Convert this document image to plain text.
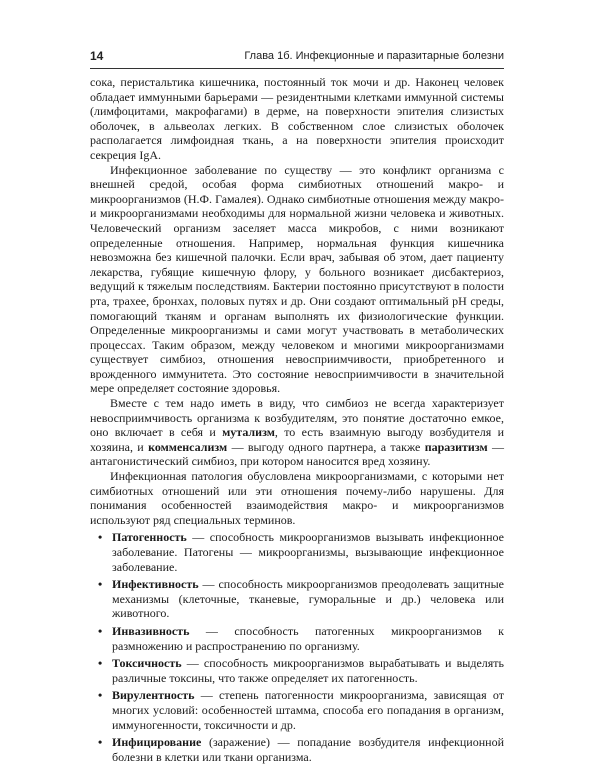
14	Глава 1б. Инфекционные и паразитарные болезни

сока, перистальтика кишечника, постоянный ток мочи и др. Наконец человек обладает иммунными барьерами — резидентными клетками иммунной системы (лимфоцитами, макрофагами) в дерме, на поверхности эпителия слизистых оболочек, в альвеолах легких. В собственном слое слизистых оболочек располагается лимфоидная ткань, а на поверхности эпителия происходит секреция IgA.

Инфекционное заболевание по существу — это конфликт организма с внешней средой, особая форма симбиотных отношений макро- и микроорганизмов (Н.Ф. Гамалея). Однако симбиотные отношения между макро- и микроорганизмами необходимы для нормальной жизни человека и животных. Человеческий организм заселяет масса микробов, с ними возникают определенные отношения. Например, нормальная функция кишечника невозможна без кишечной палочки. Если врач, забывая об этом, дает пациенту лекарства, губящие кишечную флору, у больного возникает дисбактериоз, ведущий к тяжелым последствиям. Бактерии постоянно присутствуют в полости рта, трахее, бронхах, половых путях и др. Они создают оптимальный pH среды, помогающий тканям и органам выполнять их физиологические функции. Определенные микроорганизмы и сами могут участвовать в метаболических процессах. Таким образом, между человеком и многими микроорганизмами существует симбиоз, отношения невосприимчивости, приобретенного и врожденного иммунитета. Это состояние невосприимчивости в значительной мере определяет состояние здоровья.

Вместе с тем надо иметь в виду, что симбиоз не всегда характеризует невосприимчивость организма к возбудителям, это понятие достаточно емкое, оно включает в себя и мутализм, то есть взаимную выгоду возбудителя и хозяина, и комменсализм — выгоду одного партнера, а также паразитизм — антагонистический симбиоз, при котором наносится вред хозяину.

Инфекционная патология обусловлена микроорганизмами, с которыми нет симбиотных отношений или эти отношения почему-либо нарушены. Для понимания особенностей взаимодействия макро- и микроорганизмов используют ряд специальных терминов.

• Патогенность — способность микроорганизмов вызывать инфекционное заболевание. Патогены — микроорганизмы, вызывающие инфекционное заболевание.
• Инфективность — способность микроорганизмов преодолевать защитные механизмы (клеточные, тканевые, гуморальные и др.) человека или животного.
• Инвазивность — способность патогенных микроорганизмов к размножению и распространению по организму.
• Токсичность — способность микроорганизмов вырабатывать и выделять различные токсины, что также определяет их патогенность.
• Вирулентность — степень патогенности микроорганизма, зависящая от многих условий: особенностей штамма, способа его попадания в организм, иммуногенности, токсичности и др.
• Инфицирование (заражение) — попадание возбудителя инфекционной болезни в клетки или ткани организма.
